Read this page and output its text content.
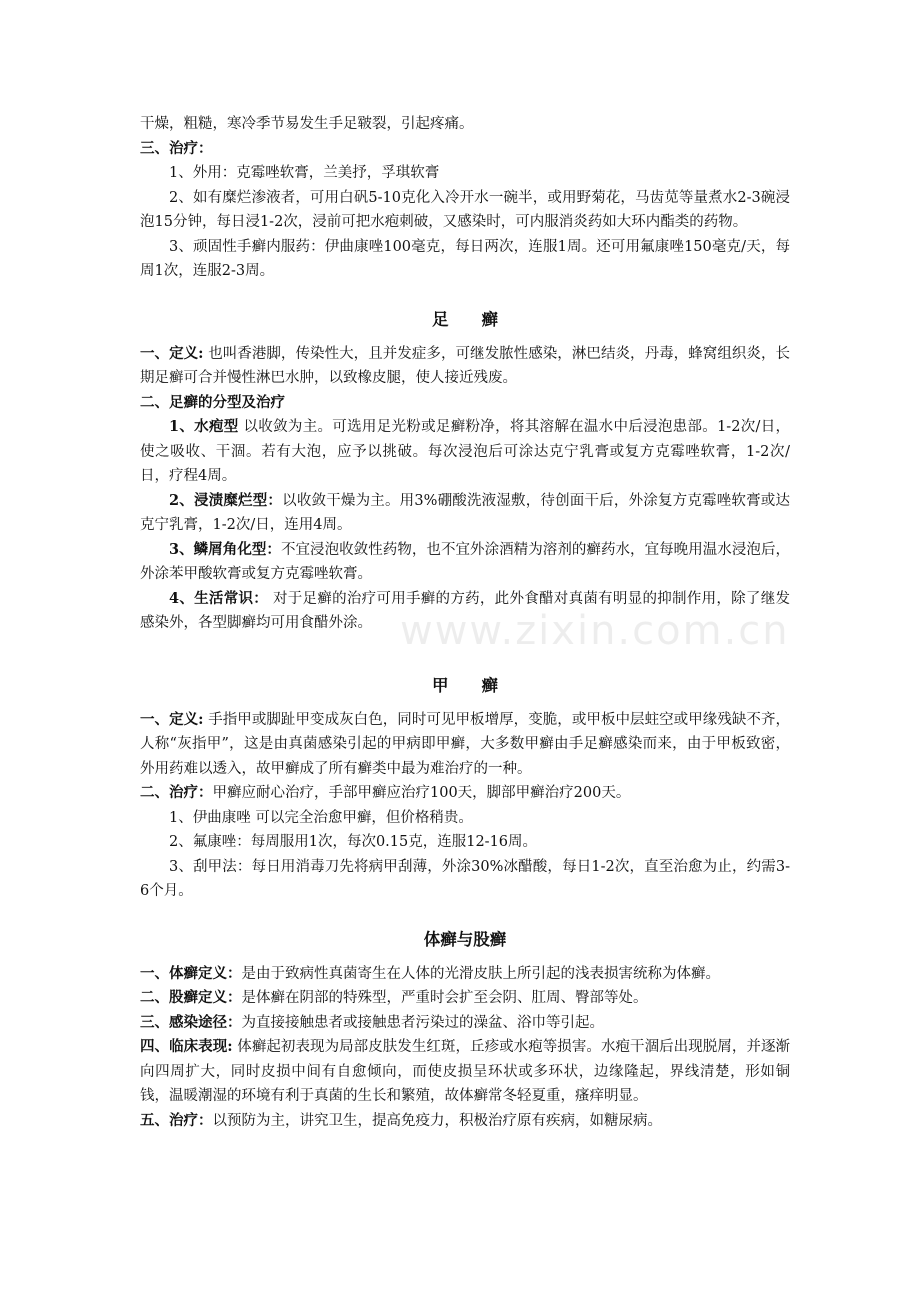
www.zixin.com.cn

干燥，粗糙，寒冷季节易发生手足皲裂，引起疼痛。

三、治疗：

1、外用：克霉唑软膏，兰美抒，孚琪软膏

2、如有糜烂渗液者，可用白矾5-10克化入冷开水一碗半，或用野菊花，马齿苋等量煮水2-3碗浸泡15分钟，每日浸1-2次，浸前可把水疱刺破，又感染时，可内服消炎药如大环内酯类的药物。

3、顽固性手癣内服药：伊曲康唑100毫克，每日两次，连服1周。还可用氟康唑150毫克/天，每周1次，连服2-3周。

足　　癣

一、定义: 也叫香港脚，传染性大，且并发症多，可继发脓性感染，淋巴结炎，丹毒，蜂窝组织炎，长期足癣可合并慢性淋巴水肿，以致橡皮腿，使人接近残废。

二、足癣的分型及治疗

1、水疱型 以收敛为主。可选用足光粉或足癣粉净，将其溶解在温水中后浸泡患部。1-2次/日，使之吸收、干涸。若有大泡，应予以挑破。每次浸泡后可涂达克宁乳膏或复方克霉唑软膏，1-2次/日，疗程4周。

2、浸渍糜烂型：以收敛干燥为主。用3%硼酸洗液湿敷，待创面干后，外涂复方克霉唑软膏或达克宁乳膏，1-2次/日，连用4周。

3、鳞屑角化型：不宜浸泡收敛性药物，也不宜外涂酒精为溶剂的癣药水，宜每晚用温水浸泡后，外涂苯甲酸软膏或复方克霉唑软膏。

4、生活常识： 对于足癣的治疗可用手癣的方药，此外食醋对真菌有明显的抑制作用，除了继发感染外，各型脚癣均可用食醋外涂。

甲　　癣

一、定义: 手指甲或脚趾甲变成灰白色，同时可见甲板增厚，变脆，或甲板中层蛀空或甲缘残缺不齐，人称“灰指甲”，这是由真菌感染引起的甲病即甲癣，大多数甲癣由手足癣感染而来，由于甲板致密，外用药难以透入，故甲癣成了所有癣类中最为难治疗的一种。

二、治疗：甲癣应耐心治疗，手部甲癣应治疗100天，脚部甲癣治疗200天。

1、伊曲康唑 可以完全治愈甲癣，但价格稍贵。

2、氟康唑：每周服用1次，每次0.15克，连服12-16周。

3、刮甲法：每日用消毒刀先将病甲刮薄，外涂30%冰醋酸，每日1-2次，直至治愈为止，约需3-6个月。

体癣与股癣

一、体癣定义：是由于致病性真菌寄生在人体的光滑皮肤上所引起的浅表损害统称为体癣。

二、股癣定义：是体癣在阴部的特殊型，严重时会扩至会阴、肛周、臀部等处。

三、感染途径：为直接接触患者或接触患者污染过的澡盆、浴巾等引起。

四、临床表现: 体癣起初表现为局部皮肤发生红斑，丘疹或水疱等损害。水疱干涸后出现脱屑，并逐渐向四周扩大，同时皮损中间有自愈倾向，而使皮损呈环状或多环状，边缘隆起，界线清楚，形如铜钱，温暖潮湿的环境有利于真菌的生长和繁殖，故体癣常冬轻夏重，瘙痒明显。

五、治疗：以预防为主，讲究卫生，提高免疫力，积极治疗原有疾病，如糖尿病。
